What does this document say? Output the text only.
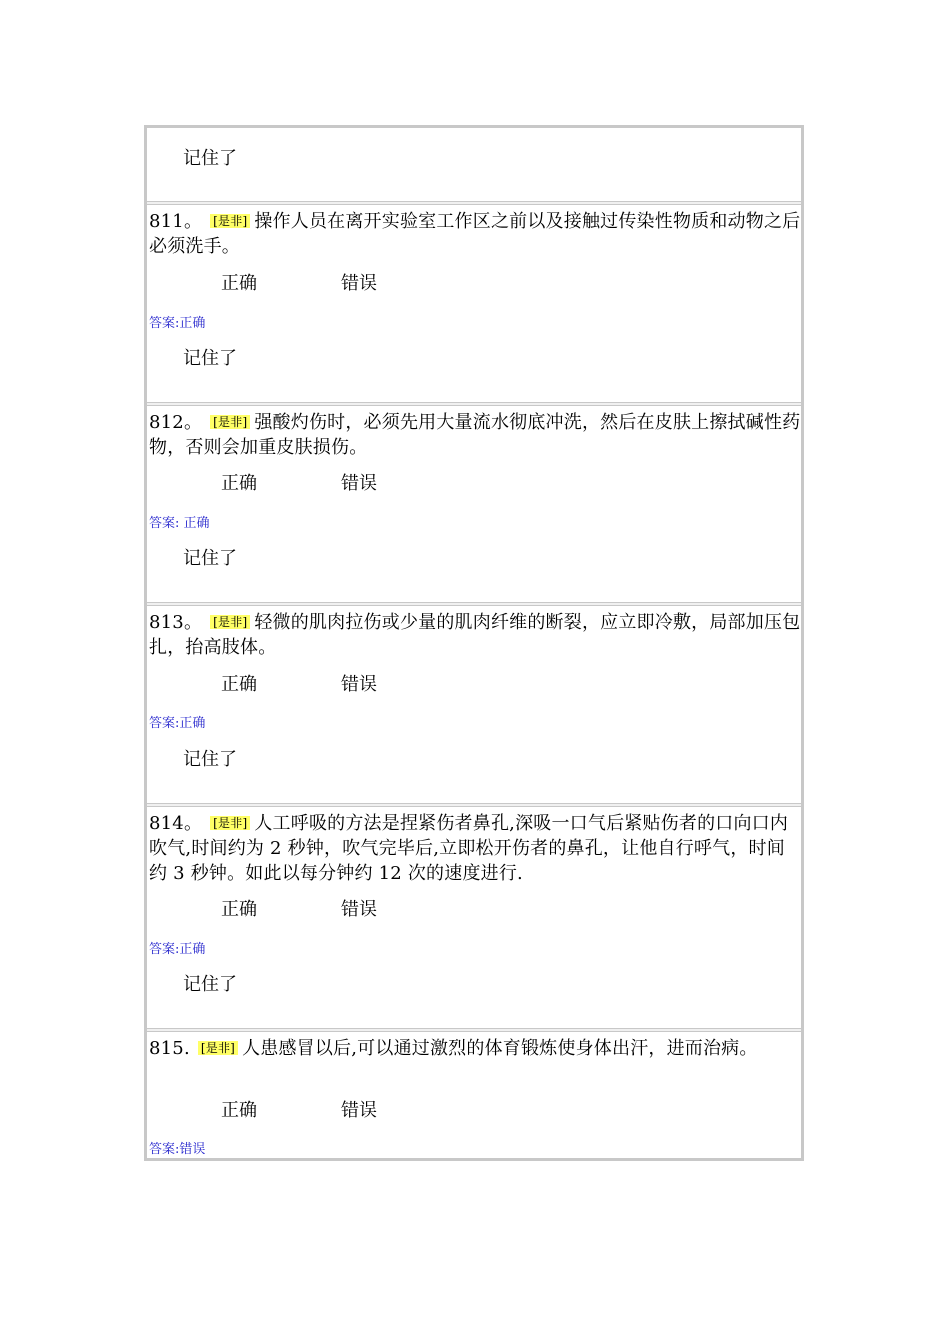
记住了
811。 [是非] 操作人员在离开实验室工作区之前以及接触过传染性物质和动物之后必须洗手。
正确	错误
答案:正确
记住了
812。 [是非] 强酸灼伤时，必须先用大量流水彻底冲洗，然后在皮肤上擦拭碱性药物，否则会加重皮肤损伤。
正确	错误
答案: 正确
记住了
813。 [是非] 轻微的肌肉拉伤或少量的肌肉纤维的断裂，应立即冷敷，局部加压包扎，抬高肢体。
正确	错误
答案:正确
记住了
814。 [是非] 人工呼吸的方法是捏紧伤者鼻孔,深吸一口气后紧贴伤者的口向口内吹气,时间约为 2 秒钟，吹气完毕后,立即松开伤者的鼻孔，让他自行呼气，时间约 3 秒钟。如此以每分钟约 12 次的速度进行.
正确	错误
答案:正确
记住了
815. [是非] 人患感冒以后,可以通过激烈的体育锻炼使身体出汗，进而治病。
正确	错误
答案:错误
